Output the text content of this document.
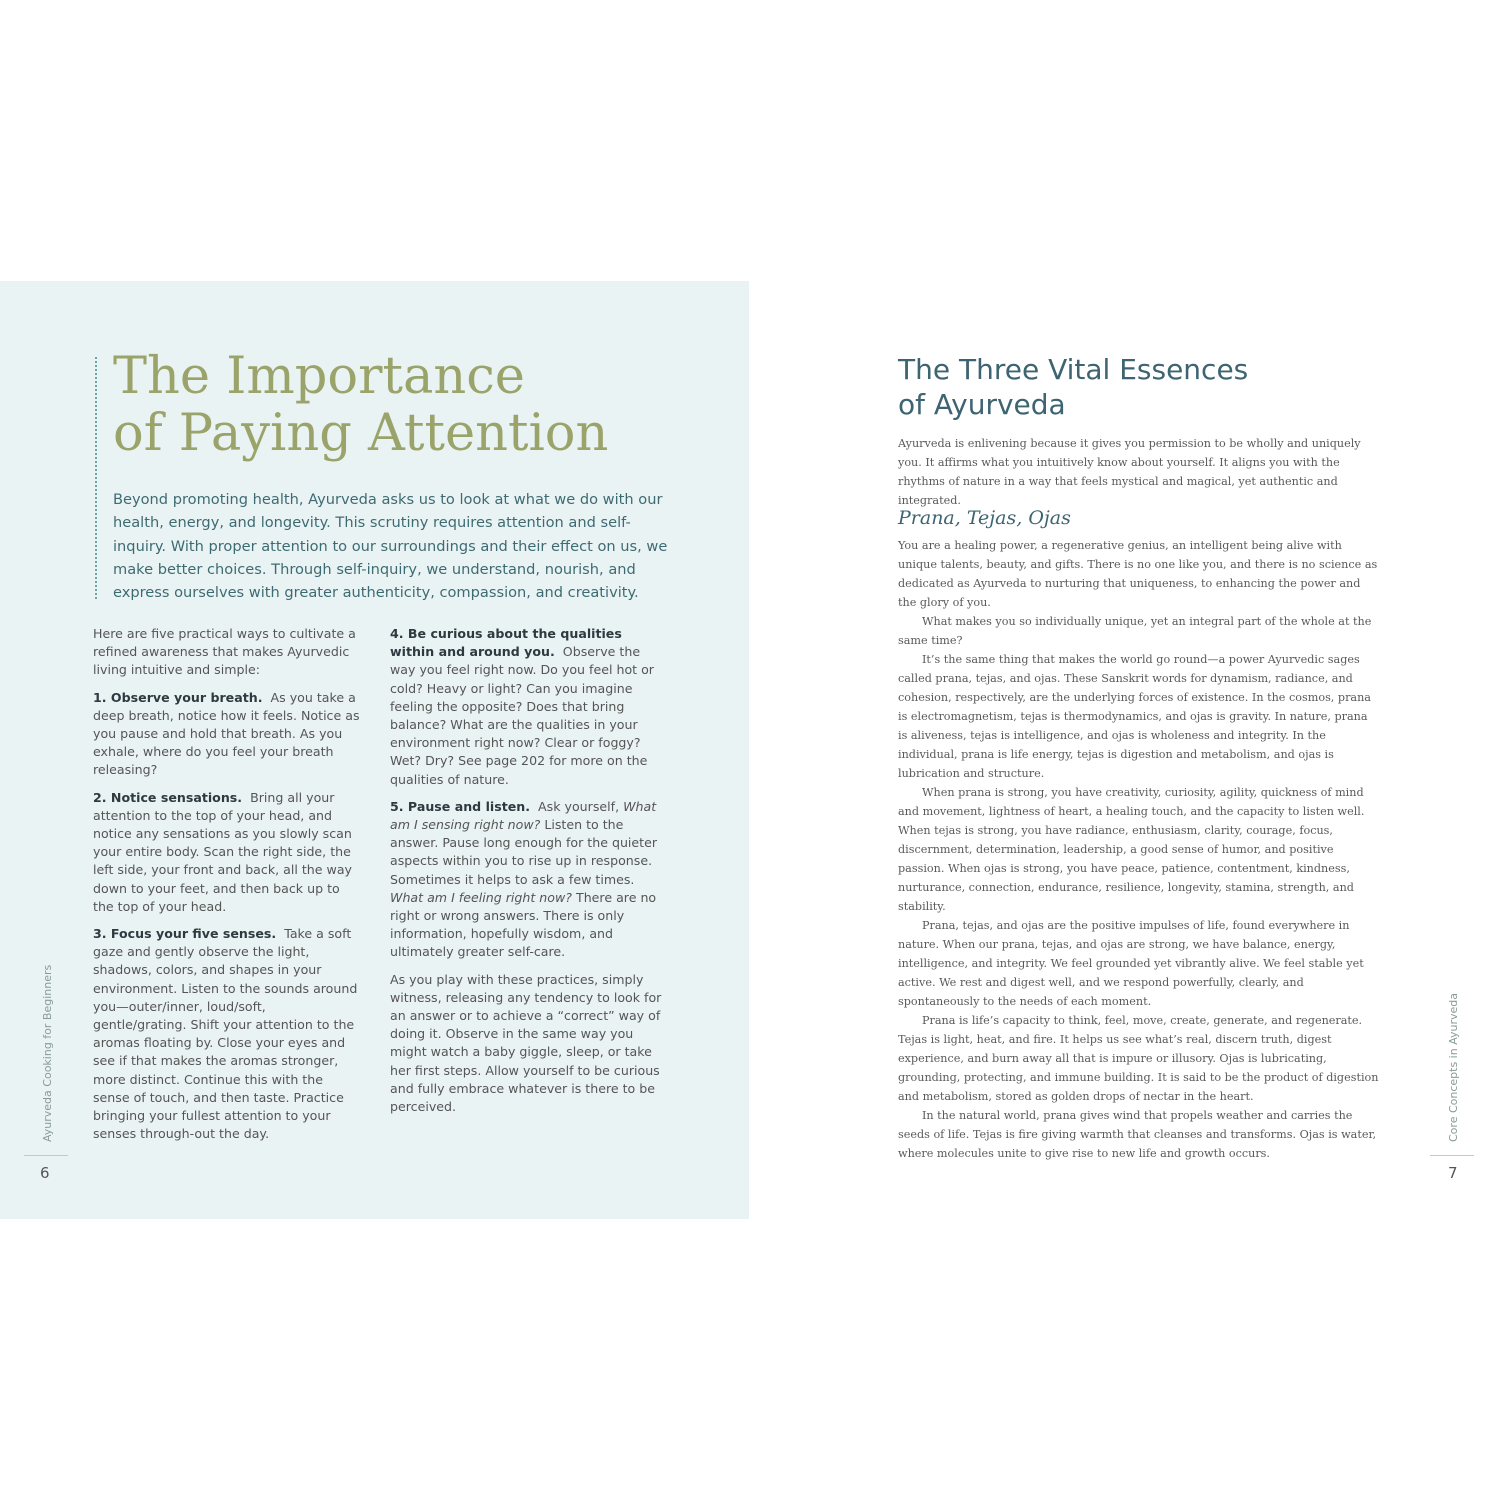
The Importance
of Paying Attention

Beyond promoting health, Ayurveda asks us to look at what we do with our health, energy, and longevity. This scrutiny requires attention and self-inquiry. With proper attention to our surroundings and their effect on us, we make better choices. Through self-inquiry, we understand, nourish, and express ourselves with greater authenticity, compassion, and creativity.

Here are five practical ways to cultivate a refined awareness that makes Ayurvedic living intuitive and simple:

1. Observe your breath. As you take a deep breath, notice how it feels. Notice as you pause and hold that breath. As you exhale, where do you feel your breath releasing?

2. Notice sensations. Bring all your attention to the top of your head, and notice any sensations as you slowly scan your entire body. Scan the right side, the left side, your front and back, all the way down to your feet, and then back up to the top of your head.

3. Focus your five senses. Take a soft gaze and gently observe the light, shadows, colors, and shapes in your environment. Listen to the sounds around you—outer/inner, loud/soft, gentle/grating. Shift your attention to the aromas floating by. Close your eyes and see if that makes the aromas stronger, more distinct. Continue this with the sense of touch, and then taste. Practice bringing your fullest attention to your senses through-out the day.

4. Be curious about the qualities within and around you. Observe the way you feel right now. Do you feel hot or cold? Heavy or light? Can you imagine feeling the opposite? Does that bring balance? What are the qualities in your environment right now? Clear or foggy? Wet? Dry? See page 202 for more on the qualities of nature.

5. Pause and listen. Ask yourself, What am I sensing right now? Listen to the answer. Pause long enough for the quieter aspects within you to rise up in response. Sometimes it helps to ask a few times. What am I feeling right now? There are no right or wrong answers. There is only information, hopefully wisdom, and ultimately greater self-care.

As you play with these practices, simply witness, releasing any tendency to look for an answer or to achieve a “correct” way of doing it. Observe in the same way you might watch a baby giggle, sleep, or take her first steps. Allow yourself to be curious and fully embrace whatever is there to be perceived.

Ayurveda Cooking for Beginners
6
The Three Vital Essences
of Ayurveda

Ayurveda is enlivening because it gives you permission to be wholly and uniquely you. It affirms what you intuitively know about yourself. It aligns you with the rhythms of nature in a way that feels mystical and magical, yet authentic and integrated.

Prana, Tejas, Ojas

You are a healing power, a regenerative genius, an intelligent being alive with unique talents, beauty, and gifts. There is no one like you, and there is no science as dedicated as Ayurveda to nurturing that uniqueness, to enhancing the power and the glory of you.

What makes you so individually unique, yet an integral part of the whole at the same time?

It’s the same thing that makes the world go round—a power Ayurvedic sages called prana, tejas, and ojas. These Sanskrit words for dynamism, radiance, and cohesion, respectively, are the underlying forces of existence. In the cosmos, prana is electromagnetism, tejas is thermodynamics, and ojas is gravity. In nature, prana is aliveness, tejas is intelligence, and ojas is wholeness and integrity. In the individual, prana is life energy, tejas is digestion and metabolism, and ojas is lubrication and structure.

When prana is strong, you have creativity, curiosity, agility, quickness of mind and movement, lightness of heart, a healing touch, and the capacity to listen well. When tejas is strong, you have radiance, enthusiasm, clarity, courage, focus, discernment, determination, leadership, a good sense of humor, and positive passion. When ojas is strong, you have peace, patience, contentment, kindness, nurturance, connection, endurance, resilience, longevity, stamina, strength, and stability.

Prana, tejas, and ojas are the positive impulses of life, found everywhere in nature. When our prana, tejas, and ojas are strong, we have balance, energy, intelligence, and integrity. We feel grounded yet vibrantly alive. We feel stable yet active. We rest and digest well, and we respond powerfully, clearly, and spontaneously to the needs of each moment.

Prana is life’s capacity to think, feel, move, create, generate, and regenerate. Tejas is light, heat, and fire. It helps us see what’s real, discern truth, digest experience, and burn away all that is impure or illusory. Ojas is lubricating, grounding, protecting, and immune building. It is said to be the product of digestion and metabolism, stored as golden drops of nectar in the heart.

In the natural world, prana gives wind that propels weather and carries the seeds of life. Tejas is fire giving warmth that cleanses and transforms. Ojas is water, where molecules unite to give rise to new life and growth occurs.

Core Concepts in Ayurveda
7
